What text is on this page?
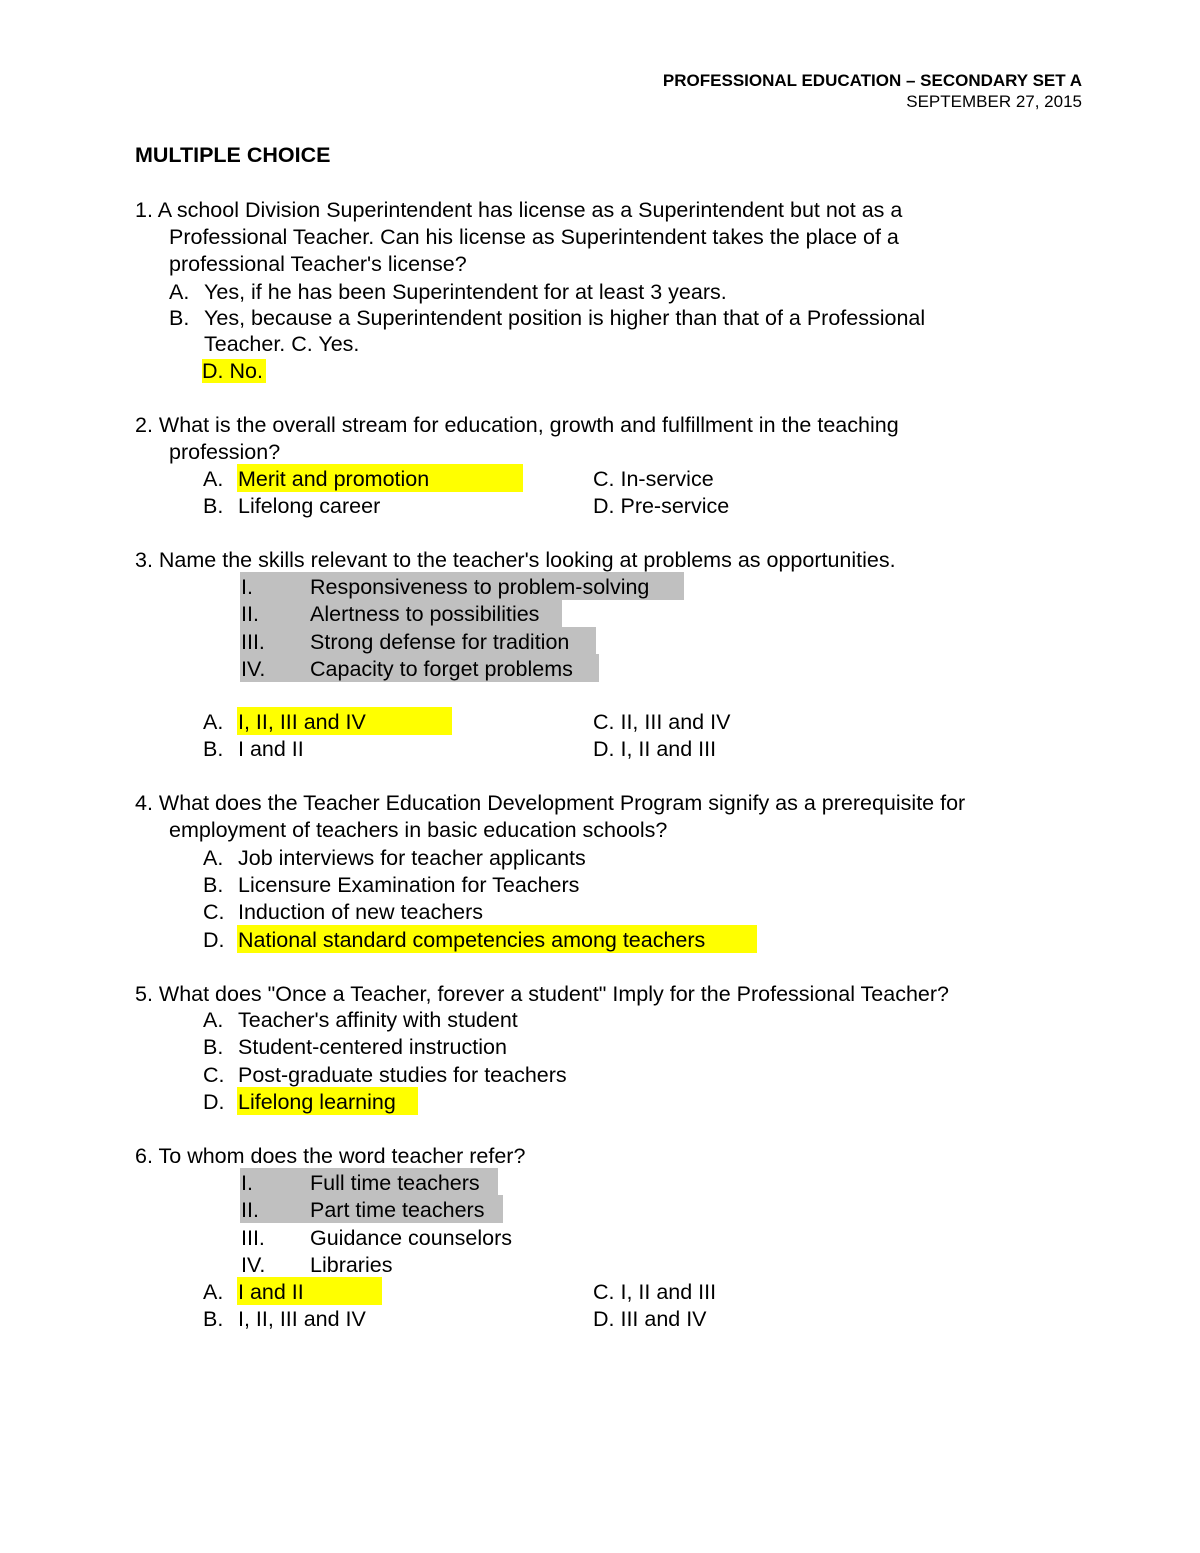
PROFESSIONAL EDUCATION – SECONDARY SET A
SEPTEMBER 27, 2015
MULTIPLE CHOICE
1. A school Division Superintendent has license as a Superintendent but not as a
Professional Teacher. Can his license as Superintendent takes the place of a
professional Teacher's license?
A. Yes, if he has been Superintendent for at least 3 years.
B. Yes, because a Superintendent position is higher than that of a Professional
Teacher. C. Yes.
D. No.
2. What is the overall stream for education, growth and fulfillment in the teaching
profession?
A. Merit and promotion
B. Lifelong career
C. In-service
D. Pre-service
3. Name the skills relevant to the teacher's looking at problems as opportunities.
I.	Responsiveness to problem-solving
II. Alertness to possibilities
III. Strong defense for tradition
IV. Capacity to forget problems
A. I, II, III and IV
B. I and II
C. II, III and IV
D. I, II and III
4. What does the Teacher Education Development Program signify as a prerequisite for
employment of teachers in basic education schools?
A. Job interviews for teacher applicants
B. Licensure Examination for Teachers
C. Induction of new teachers
D. National standard competencies among teachers
5. What does "Once a Teacher, forever a student" Imply for the Professional Teacher?
A. Teacher's affinity with student
B. Student-centered instruction
C. Post-graduate studies for teachers
D. Lifelong learning
6. To whom does the word teacher refer?
I.	Full time teachers
II. Part time teachers
III. Guidance counselors
IV. Libraries
A. I and II
B. I, II, III and IV
C. I, II and III
D. III and IV
